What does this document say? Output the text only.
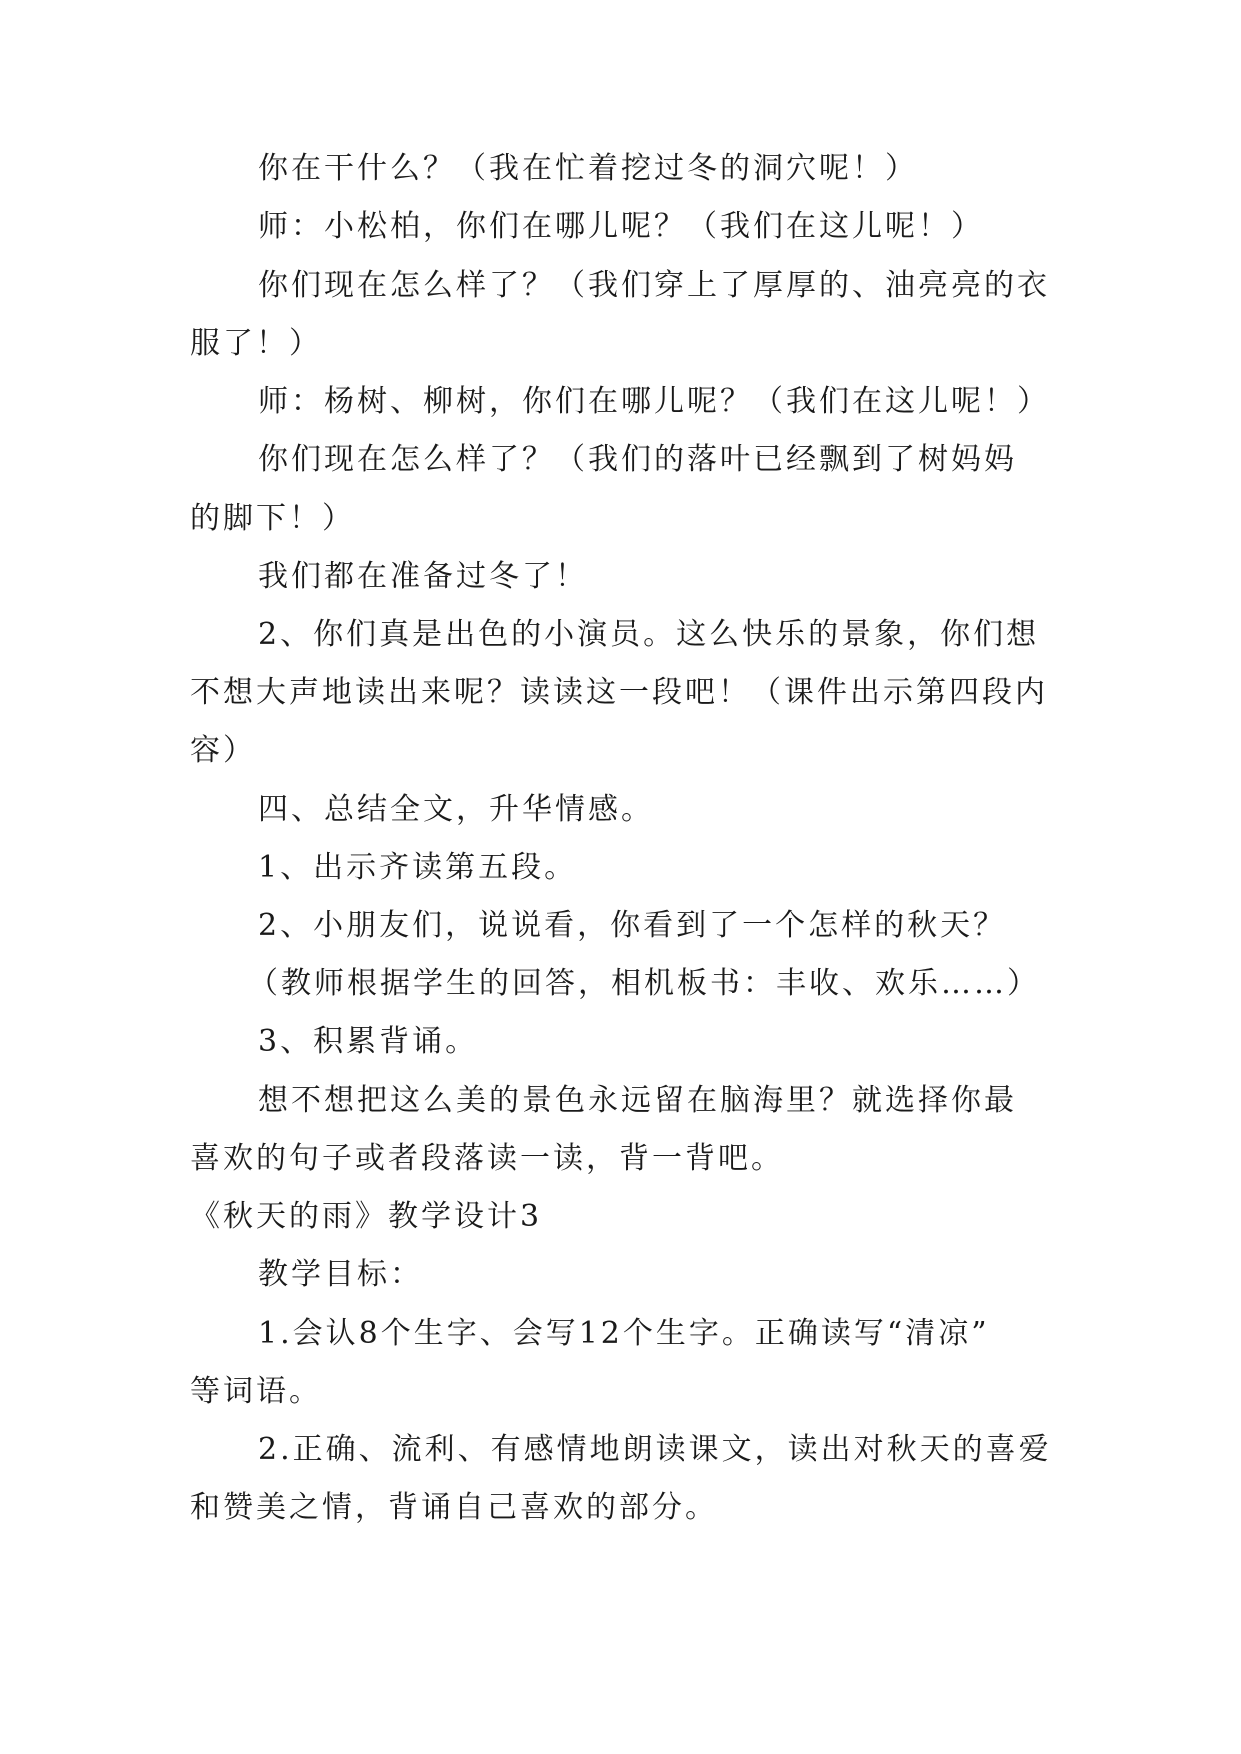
你在干什么？（我在忙着挖过冬的洞穴呢！）
师：小松柏，你们在哪儿呢？（我们在这儿呢！）
你们现在怎么样了？（我们穿上了厚厚的、油亮亮的衣
服了！）
师：杨树、柳树，你们在哪儿呢？（我们在这儿呢！）
你们现在怎么样了？（我们的落叶已经飘到了树妈妈
的脚下！）
我们都在准备过冬了！
2、你们真是出色的小演员。这么快乐的景象，你们想
不想大声地读出来呢？读读这一段吧！（课件出示第四段内
容）
四、总结全文，升华情感。
1、出示齐读第五段。
2、小朋友们，说说看，你看到了一个怎样的秋天？
（教师根据学生的回答，相机板书：丰收、欢乐……）
3、积累背诵。
想不想把这么美的景色永远留在脑海里？就选择你最
喜欢的句子或者段落读一读，背一背吧。
《秋天的雨》教学设计3
教学目标：
1.会认8个生字、会写12个生字。正确读写“清凉”
等词语。
2.正确、流利、有感情地朗读课文，读出对秋天的喜爱
和赞美之情，背诵自己喜欢的部分。
